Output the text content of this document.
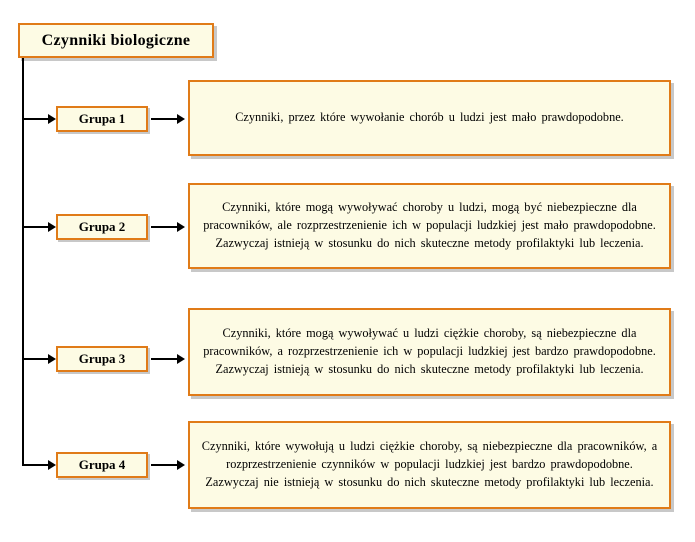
Czynniki biologiczne
Grupa 1	Czynniki, przez które wywołanie chorób u ludzi jest mało prawdopodobne.

Grupa 2

Czynniki, które mogą wywoływać choroby u ludzi, mogą być niebezpieczne dla pracowników, ale rozprzestrzenienie ich w populacji ludzkiej jest mało prawdopodobne. Zazwyczaj istnieją w stosunku do nich skuteczne metody profilaktyki lub leczenia.

Grupa 3

Czynniki, które mogą wywoływać u ludzi ciężkie choroby, są niebezpieczne dla pracowników, a rozprzestrzenienie ich w populacji ludzkiej jest bardzo prawdopodobne. Zazwyczaj istnieją w stosunku do nich skuteczne metody profilaktyki lub leczenia.

Grupa 4

Czynniki, które wywołują u ludzi ciężkie choroby, są niebezpieczne dla pracowników, a rozprzestrzenienie czynników w populacji ludzkiej jest bardzo prawdopodobne. Zazwyczaj nie istnieją w stosunku do nich skuteczne metody profilaktyki lub leczenia.
